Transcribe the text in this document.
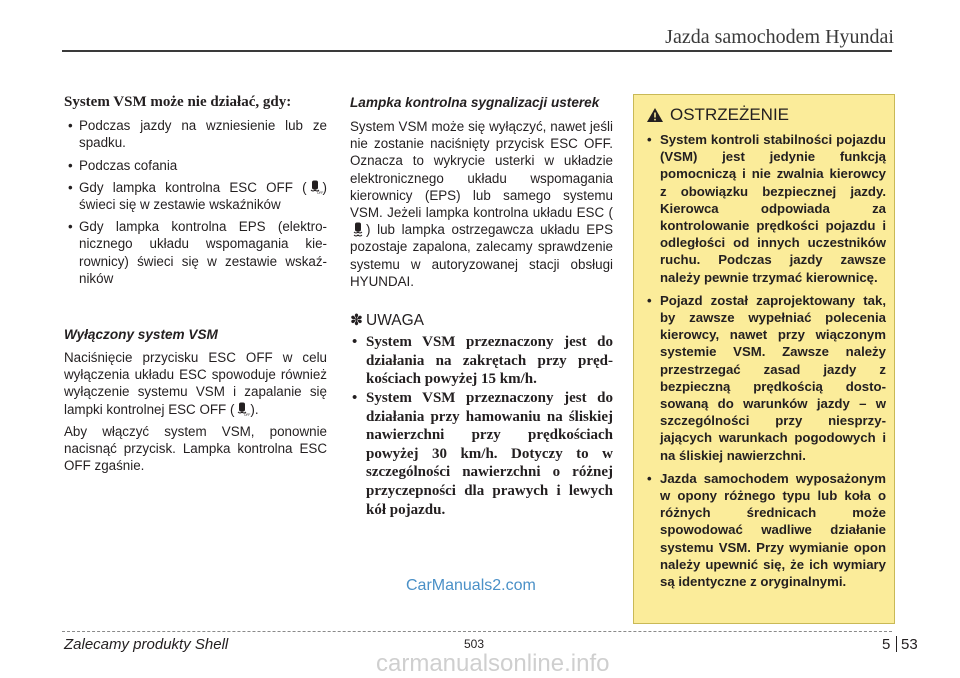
Jazda samochodem Hyundai
System VSM może nie działać, gdy:
• Podczas jazdy na wzniesienie lub ze spadku.
• Podczas cofania
• Gdy lampka kontrolna ESC OFF (	OFF ) świeci się w zestawie wskaźników
• Gdy lampka kontrolna EPS (elektronicznego układu wspomagania kierownicy) świeci się w zestawie wskaźników
Wyłączony system VSM

Naciśnięcie przycisku ESC OFF w celu wyłączenia układu ESC spowoduje również wyłączenie systemu VSM i zapalanie się lampki kontrolnej ESC OFF (	OFF ).

Aby włączyć system VSM, ponownie nacisnąć przycisk. Lampka kontrolna ESC OFF zgaśnie.

Lampka kontrolna sygnalizacji usterek

System VSM może się wyłączyć, nawet jeśli nie zostanie naciśnięty przycisk ESC OFF. Oznacza to wykrycie usterki w układzie elektronicznego układu wspomagania kierownicy (EPS) lub samego systemu VSM. Jeżeli lampka kontrolna układu ESC () lub lampka ostrzegawcza układu EPS pozostaje zapalona, zalecamy sprawdzenie systemu w autoryzowanej stacji obsługi HYUNDAI.

✽ UWAGA
• System VSM przeznaczony jest do działania na zakrętach przy prędkościach powyżej 15 km/h.
• System VSM przeznaczony jest do działania przy hamowaniu na śliskiej nawierzchni przy prędkościach powyżej 30 km/h. Dotyczy to w szczególności nawierzchni o różnej przyczepności dla prawych i lewych kół pojazdu.
OSTRZEŻENIE
• System kontroli stabilności pojazdu (VSM) jest jedynie funkcją pomocniczą i nie zwalnia kierowcy z obowiązku bezpiecznej jazdy. Kierowca odpowiada za kontrolowanie prędkości pojazdu i odległości od innych uczestników ruchu. Podczas jazdy zawsze należy pewnie trzymać kierownicę.
• Pojazd został zaprojektowany tak, by zawsze wypełniać polecenia kierowcy, nawet przy wiączonym systemie VSM. Zawsze należy przestrzegać zasad jazdy z bezpieczną prędkością dostosowaną do warunków jazdy – w szczególności przy niesprzyjających warunkach pogodowych i na śliskiej nawierzchni.
• Jazda samochodem wyposażonym w opony różnego typu lub koła o różnych średnicach może spowodować wadliwe działanie systemu VSM. Przy wymianie opon należy upewnić się, że ich wymiary są identyczne z oryginalnymi.
CarManuals2.com
Zalecamy produkty Shell	503	5 53
carmanualsonline.info
